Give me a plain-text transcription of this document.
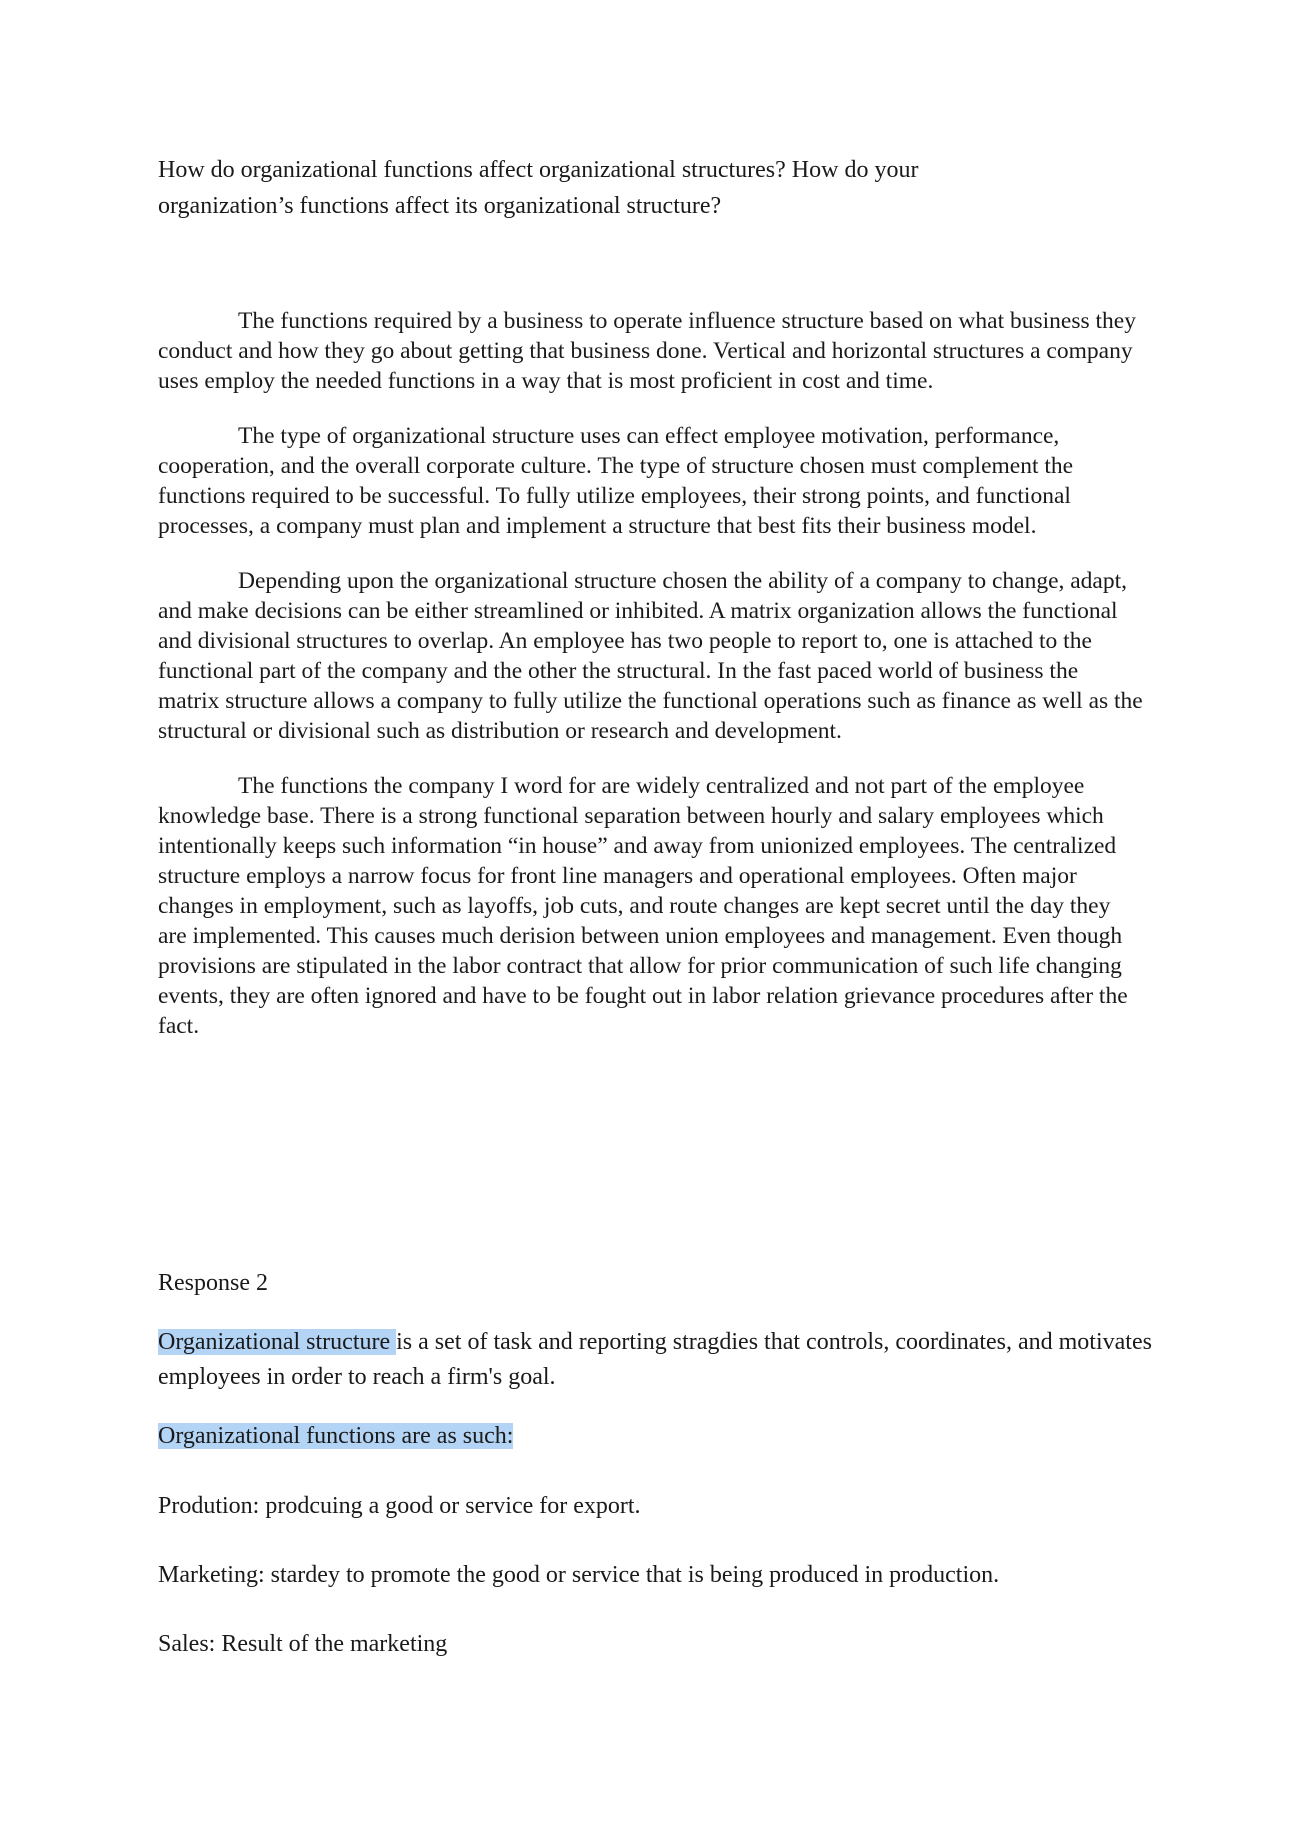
How do organizational functions affect organizational structures? How do your
organization’s functions affect its organizational structure?

The functions required by a business to operate influence structure based on what business they conduct and how they go about getting that business done. Vertical and horizontal structures a company uses employ the needed functions in a way that is most proficient in cost and time.

The type of organizational structure uses can effect employee motivation, performance, cooperation, and the overall corporate culture. The type of structure chosen must complement the functions required to be successful. To fully utilize employees, their strong points, and functional processes, a company must plan and implement a structure that best fits their business model.

Depending upon the organizational structure chosen the ability of a company to change, adapt, and make decisions can be either streamlined or inhibited. A matrix organization allows the functional and divisional structures to overlap. An employee has two people to report to, one is attached to the functional part of the company and the other the structural. In the fast paced world of business the matrix structure allows a company to fully utilize the functional operations such as finance as well as the structural or divisional such as distribution or research and development.

The functions the company I word for are widely centralized and not part of the employee knowledge base. There is a strong functional separation between hourly and salary employees which intentionally keeps such information “in house” and away from unionized employees. The centralized structure employs a narrow focus for front line managers and operational employees. Often major changes in employment, such as layoffs, job cuts, and route changes are kept secret until the day they are implemented. This causes much derision between union employees and management. Even though provisions are stipulated in the labor contract that allow for prior communication of such life changing events, they are often ignored and have to be fought out in labor relation grievance procedures after the fact.

Response 2

Organizational structure is a set of task and reporting stragdies that controls, coordinates, and motivates employees in order to reach a firm's goal.

Organizational functions are as such:

Prodution: prodcuing a good or service for export.

Marketing: stardey to promote the good or service that is being produced in production.

Sales: Result of the marketing
